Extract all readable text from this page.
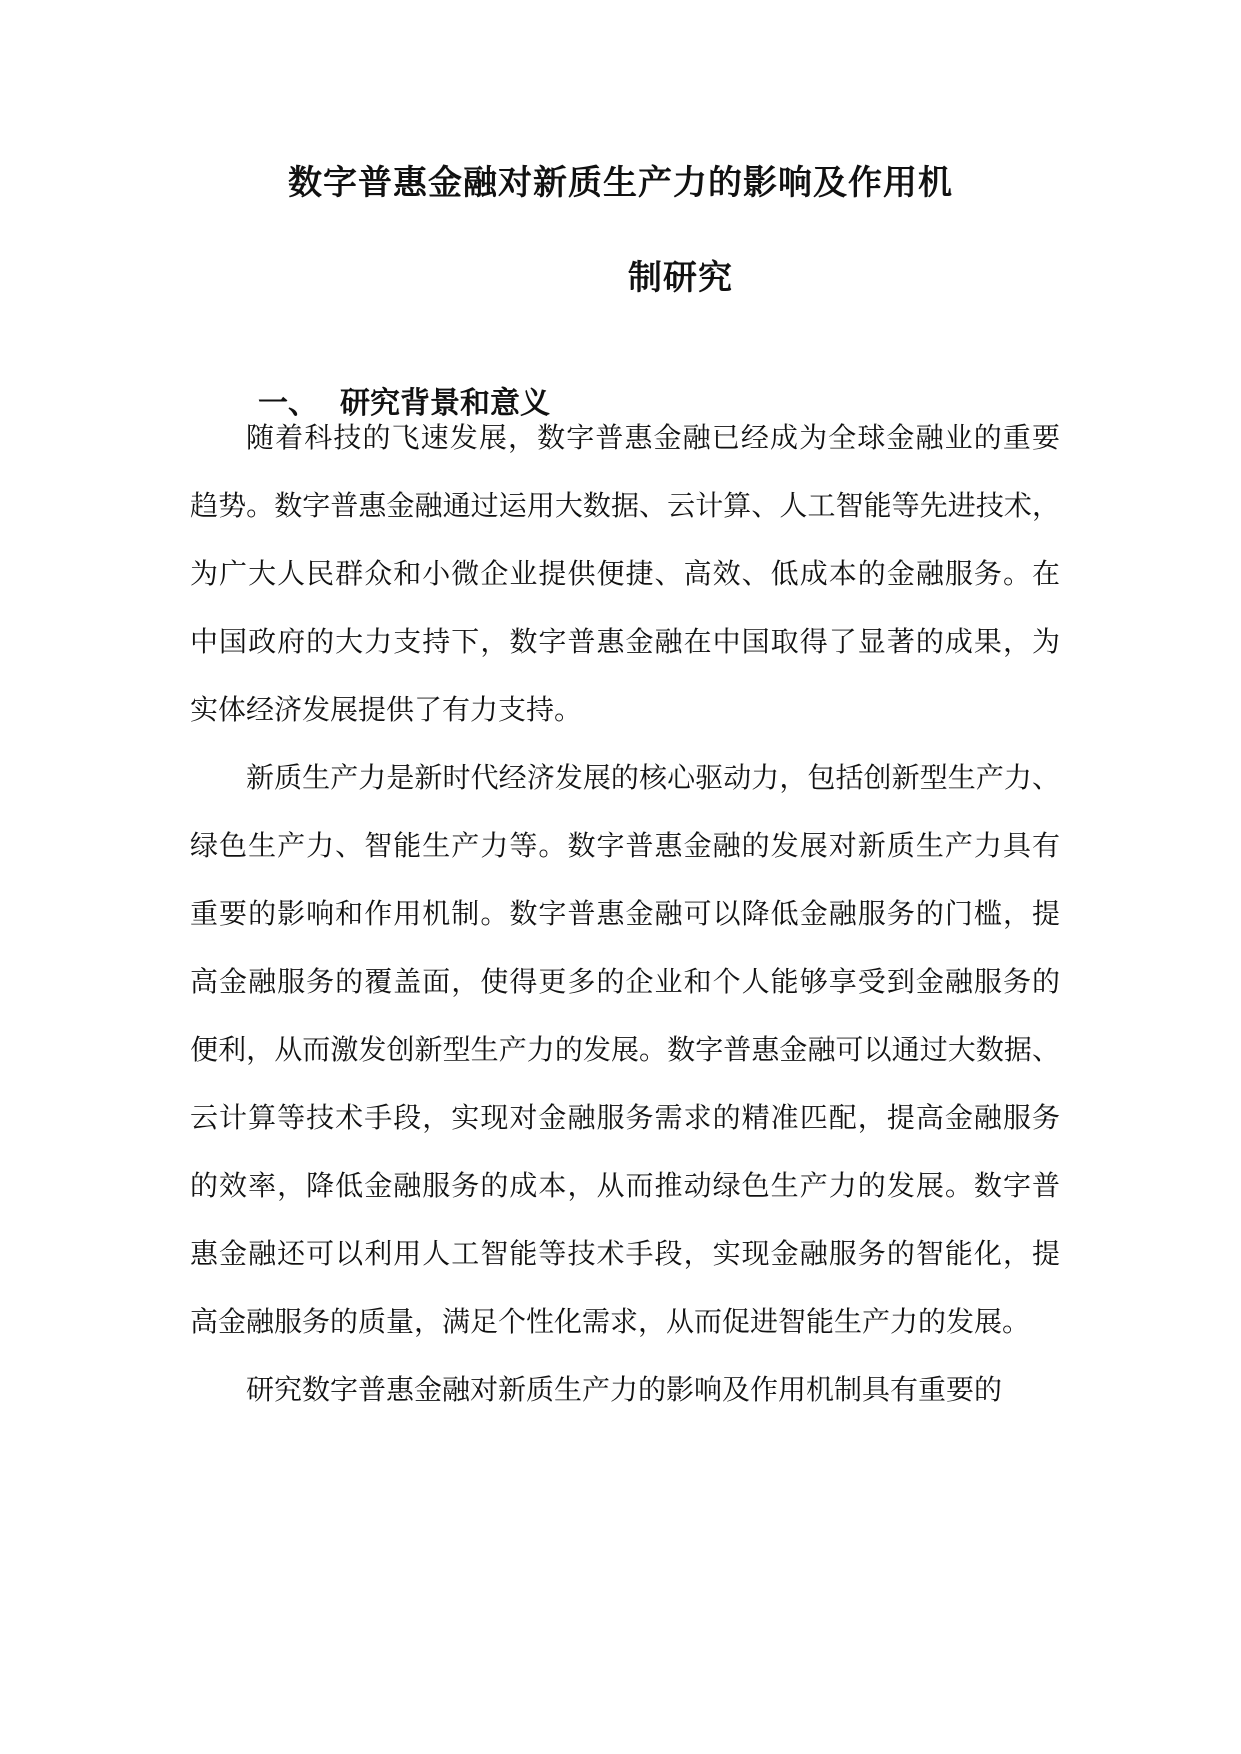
数字普惠金融对新质生产力的影响及作用机
制研究
一、 研究背景和意义
随着科技的飞速发展，数字普惠金融已经成为全球金融业的重要
趋势。数字普惠金融通过运用大数据、云计算、人工智能等先进技术，
为广大人民群众和小微企业提供便捷、高效、低成本的金融服务。在
中国政府的大力支持下，数字普惠金融在中国取得了显著的成果，为
实体经济发展提供了有力支持。
新质生产力是新时代经济发展的核心驱动力，包括创新型生产力、
绿色生产力、智能生产力等。数字普惠金融的发展对新质生产力具有
重要的影响和作用机制。数字普惠金融可以降低金融服务的门槛，提
高金融服务的覆盖面，使得更多的企业和个人能够享受到金融服务的
便利，从而激发创新型生产力的发展。数字普惠金融可以通过大数据、
云计算等技术手段，实现对金融服务需求的精准匹配，提高金融服务
的效率，降低金融服务的成本，从而推动绿色生产力的发展。数字普
惠金融还可以利用人工智能等技术手段，实现金融服务的智能化，提
高金融服务的质量，满足个性化需求，从而促进智能生产力的发展。
研究数字普惠金融对新质生产力的影响及作用机制具有重要的
